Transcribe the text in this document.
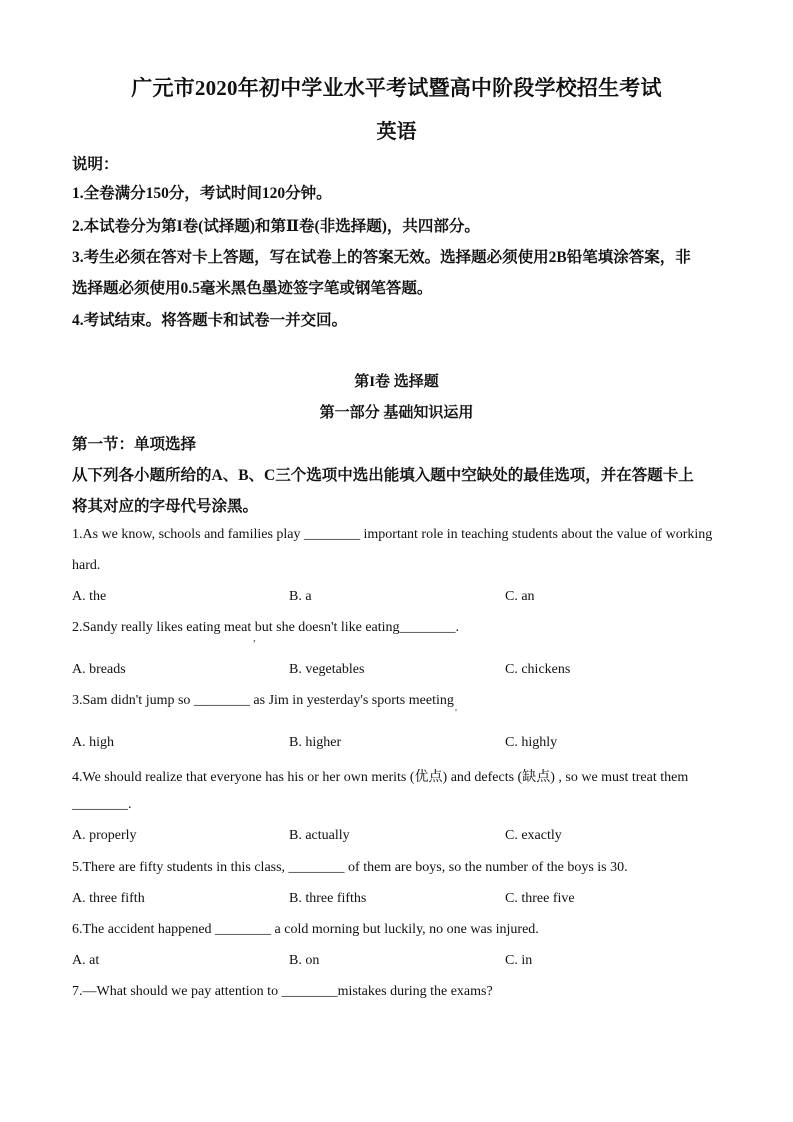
广元市2020年初中学业水平考试暨高中阶段学校招生考试
英语
说明：
1.全卷满分150分，考试时间120分钟。
2.本试卷分为第I卷(试择题)和第Ⅱ卷(非选择题)，共四部分。
3.考生必须在答对卡上答题，写在试卷上的答案无效。选择题必须使用2B铅笔填涂答案，非
选择题必须使用0.5毫米黑色墨迹签字笔或钢笔答题。
4.考试结束。将答题卡和试卷一并交回。
第I卷 选择题
第一部分 基础知识运用
第一节：单项选择
从下列各小题所给的A、B、C三个选项中选出能填入题中空缺处的最佳选项，并在答题卡上
将其对应的字母代号涂黑。
1.As we know, schools and families play ________ important role in teaching students about the value of working
hard.
A. the	B. a	C. an
2.Sandy really likes eating meat but she doesn't like eating________.
,
A. breads	B. vegetables	C. chickens
3.Sam didn't jump so ________ as Jim in yesterday's sports meeting
'
A. high	B. higher	C. highly
4.We should realize that everyone has his or her own merits (优点) and defects (缺点) , so we must treat them
________.
A. properly	B. actually	C. exactly
5.There are fifty students in this class, ________ of them are boys, so the number of the boys is 30.
A. three fifth	B. three fifths	C. three five
6.The accident happened ________ a cold morning but luckily, no one was injured.
A. at	B. on	C. in
7.—What should we pay attention to ________mistakes during the exams?
